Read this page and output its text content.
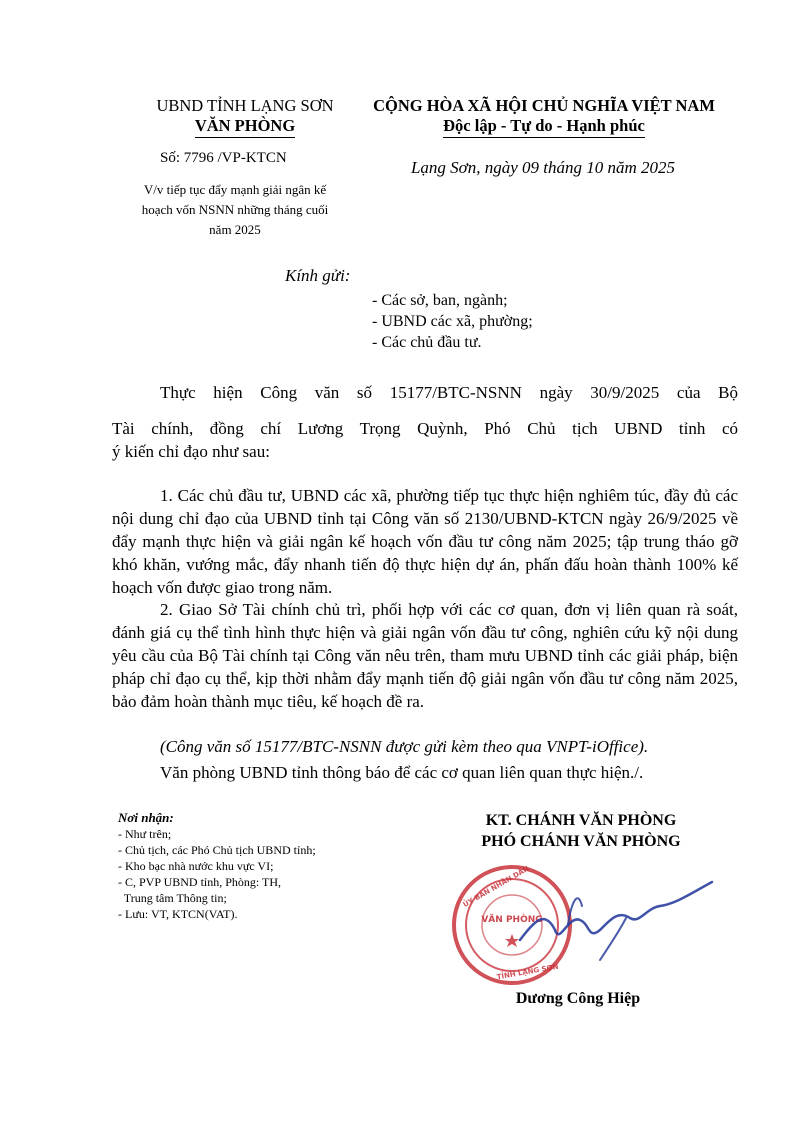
UBND TỈNH LẠNG SƠN
VĂN PHÒNG
CỘNG HÒA XÃ HỘI CHỦ NGHĨA VIỆT NAM
Độc lập - Tự do - Hạnh phúc
Số: 7796 /VP-KTCN
V/v tiếp tục đẩy mạnh giải ngân kế
hoạch vốn NSNN những tháng cuối
năm 2025
Lạng Sơn, ngày 09 tháng 10 năm 2025
Kính gửi:
- Các sở, ban, ngành;
- UBND các xã, phường;
- Các chủ đầu tư.

Thực hiện Công văn số 15177/BTC-NSNN ngày 30/9/2025 của Bộ

Tài chính, đồng chí Lương Trọng Quỳnh, Phó Chủ tịch UBND tỉnh có

ý kiến chỉ đạo như sau:

1. Các chủ đầu tư, UBND các xã, phường tiếp tục thực hiện nghiêm túc, đầy đủ các nội dung chỉ đạo của UBND tỉnh tại Công văn số 2130/UBND-KTCN ngày 26/9/2025 về đẩy mạnh thực hiện và giải ngân kế hoạch vốn đầu tư công năm 2025; tập trung tháo gỡ khó khăn, vướng mắc, đẩy nhanh tiến độ thực hiện dự án, phấn đấu hoàn thành 100% kế hoạch vốn được giao trong năm.

2. Giao Sở Tài chính chủ trì, phối hợp với các cơ quan, đơn vị liên quan rà soát, đánh giá cụ thể tình hình thực hiện và giải ngân vốn đầu tư công, nghiên cứu kỹ nội dung yêu cầu của Bộ Tài chính tại Công văn nêu trên, tham mưu UBND tỉnh các giải pháp, biện pháp chỉ đạo cụ thể, kịp thời nhằm đẩy mạnh tiến độ giải ngân vốn đầu tư công năm 2025, bảo đảm hoàn thành mục tiêu, kế hoạch đề ra.

(Công văn số 15177/BTC-NSNN được gửi kèm theo qua VNPT-iOffice).

Văn phòng UBND tỉnh thông báo để các cơ quan liên quan thực hiện./.

Nơi nhận:
- Như trên;
- Chủ tịch, các Phó Chủ tịch UBND tỉnh;
- Kho bạc nhà nước khu vực VI;
- C, PVP UBND tỉnh, Phòng: TH,
Trung tâm Thông tin;
- Lưu: VT, KTCN(VAT).
KT. CHÁNH VĂN PHÒNG
PHÓ CHÁNH VĂN PHÒNG
ỦY BAN NHÂN DÂN
TỈNH LẠNG SƠN
VĂN PHÒNG
Dương Công Hiệp
